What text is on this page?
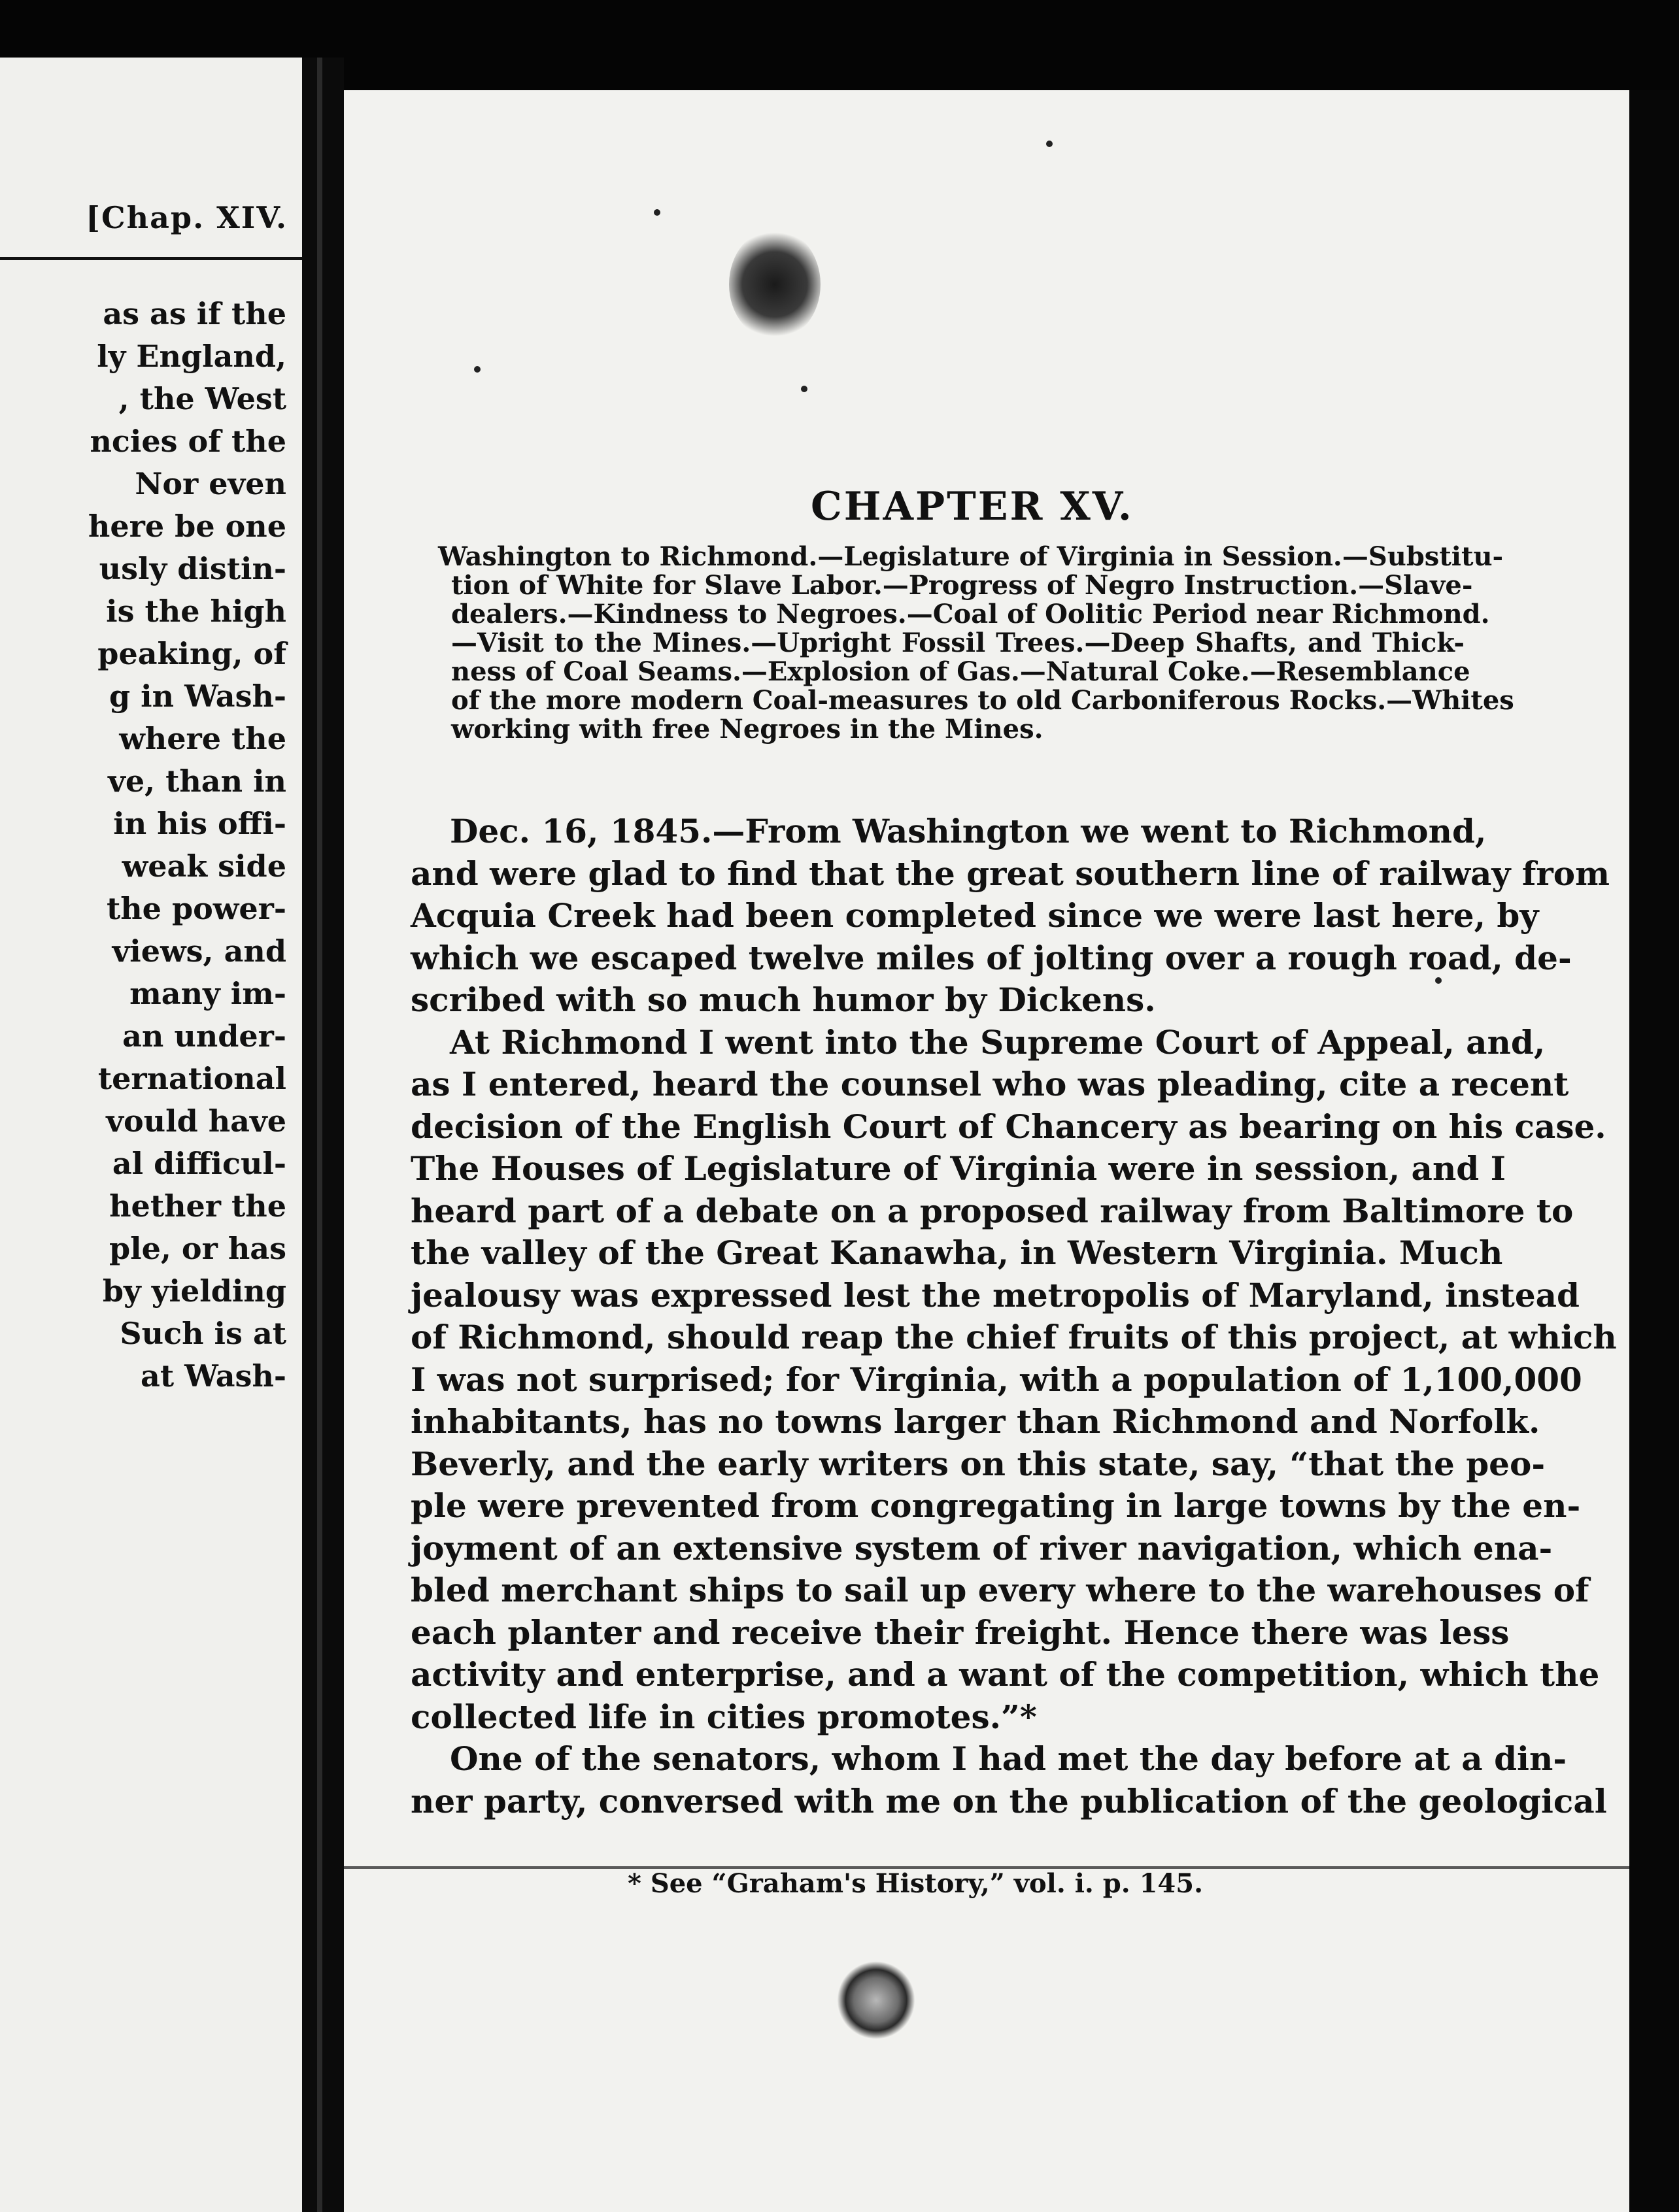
[Chap. XIV.
as as if the
ly England,
, the West
ncies of the
Nor even
here be one
usly distin-
is the high
peaking, of
g in Wash-
where the
ve, than in
in his offi-
weak side
the power-
views, and
many im-
an under-
ternational
vould have
al difficul-
hether the
ple, or has
by yielding
Such is at
at Wash-
CHAPTER XV.
Washington to Richmond.—Legislature of Virginia in Session.—Substitu-
tion of White for Slave Labor.—Progress of Negro Instruction.—Slave-
dealers.—Kindness to Negroes.—Coal of Oolitic Period near Richmond.
—Visit to the Mines.—Upright Fossil Trees.—Deep Shafts, and Thick-
ness of Coal Seams.—Explosion of Gas.—Natural Coke.—Resemblance
of the more modern Coal-measures to old Carboniferous Rocks.—Whites
working with free Negroes in the Mines.
Dec. 16, 1845.—From Washington we went to Richmond,
and were glad to find that the great southern line of railway from
Acquia Creek had been completed since we were last here, by
which we escaped twelve miles of jolting over a rough road, de-
scribed with so much humor by Dickens.
At Richmond I went into the Supreme Court of Appeal, and,
as I entered, heard the counsel who was pleading, cite a recent
decision of the English Court of Chancery as bearing on his case.
The Houses of Legislature of Virginia were in session, and I
heard part of a debate on a proposed railway from Baltimore to
the valley of the Great Kanawha, in Western Virginia. Much
jealousy was expressed lest the metropolis of Maryland, instead
of Richmond, should reap the chief fruits of this project, at which
I was not surprised; for Virginia, with a population of 1,100,000
inhabitants, has no towns larger than Richmond and Norfolk.
Beverly, and the early writers on this state, say, “that the peo-
ple were prevented from congregating in large towns by the en-
joyment of an extensive system of river navigation, which ena-
bled merchant ships to sail up every where to the warehouses of
each planter and receive their freight. Hence there was less
activity and enterprise, and a want of the competition, which the
collected life in cities promotes.”*
One of the senators, whom I had met the day before at a din-
ner party, conversed with me on the publication of the geological
* See “Graham's History,” vol. i. p. 145.
